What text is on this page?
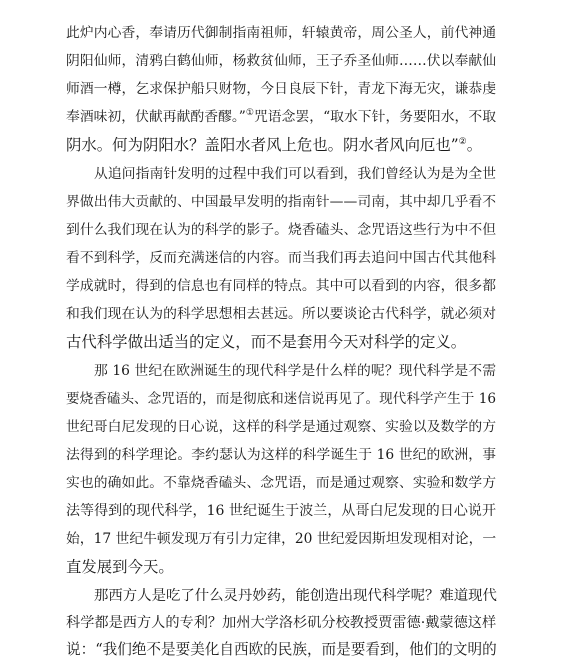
此炉内心香，奉请历代御制指南祖师，轩辕黄帝，周公圣人，前代神通
阴阳仙师，清鸦白鹤仙师，杨救贫仙师，王子乔圣仙师……伏以奉献仙
师酒一樽，乞求保护船只财物，今日良辰下针，青龙下海无灾，谦恭虔
奉酒味初，伏献再献酌香醪。”①咒语念罢，“取水下针，务要阳水，不取
阴水。何为阴阳水？盖阳水者风上危也。阴水者风向厄也”②。
从追问指南针发明的过程中我们可以看到，我们曾经认为是为全世
界做出伟大贡献的、中国最早发明的指南针——司南，其中却几乎看不
到什么我们现在认为的科学的影子。烧香磕头、念咒语这些行为中不但
看不到科学，反而充满迷信的内容。而当我们再去追问中国古代其他科
学成就时，得到的信息也有同样的特点。其中可以看到的内容，很多都
和我们现在认为的科学思想相去甚远。所以要谈论古代科学，就必须对
古代科学做出适当的定义，而不是套用今天对科学的定义。
那 16 世纪在欧洲诞生的现代科学是什么样的呢？现代科学是不需
要烧香磕头、念咒语的，而是彻底和迷信说再见了。现代科学产生于 16
世纪哥白尼发现的日心说，这样的科学是通过观察、实验以及数学的方
法得到的科学理论。李约瑟认为这样的科学诞生于 16 世纪的欧洲，事
实也的确如此。不靠烧香磕头、念咒语，而是通过观察、实验和数学方
法等得到的现代科学，16 世纪诞生于波兰，从哥白尼发现的日心说开
始，17 世纪牛顿发现万有引力定律，20 世纪爱因斯坦发现相对论，一
直发展到今天。
那西方人是吃了什么灵丹妙药，能创造出现代科学呢？难道现代
科学都是西方人的专利？加州大学洛杉矶分校教授贾雷德·戴蒙德这样
说：“我们绝不是要美化自西欧的民族，而是要看到，他们的文明的
